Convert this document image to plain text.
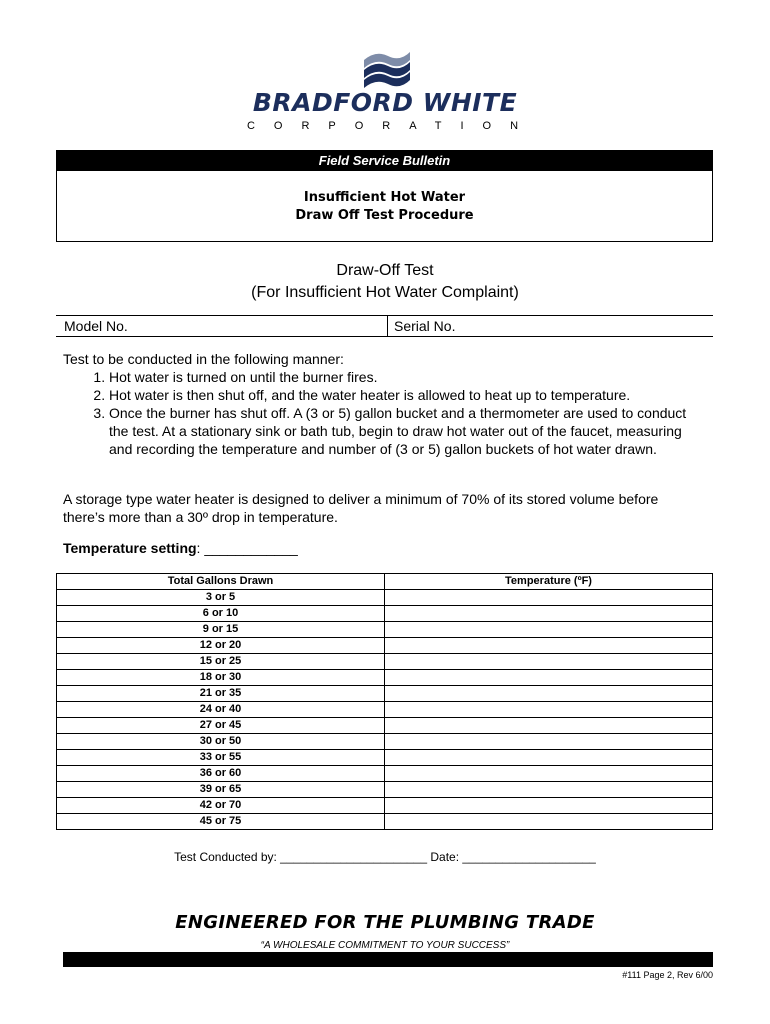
BRADFORD WHITE
CORPORATION
Field Service Bulletin
Insufficient Hot Water
Draw Off Test Procedure
Draw-Off Test
(For Insufficient Hot Water Complaint)
Model No.	Serial No.
Test to be conducted in the following manner:
1. Hot water is turned on until the burner fires.
2. Hot water is then shut off, and the water heater is allowed to heat up to temperature.
3. Once the burner has shut off. A (3 or 5) gallon bucket and a thermometer are used to conduct the test. At a stationary sink or bath tub, begin to draw hot water out of the faucet, measuring and recording the temperature and number of (3 or 5) gallon buckets of hot water drawn.
A storage type water heater is designed to deliver a minimum of 70% of its stored volume before there’s more than a 30º drop in temperature.
Temperature setting: ____________
Total Gallons Drawn	Temperature (ºF)
3 or 5	
6 or 10	
9 or 15	
12 or 20	
15 or 25	
18 or 30	
21 or 35	
24 or 40	
27 or 45	
30 or 50	
33 or 55	
36 or 60	
39 or 65	
42 or 70	
45 or 75	
Test Conducted by: ______________________ Date: ____________________
ENGINEERED FOR THE PLUMBING TRADE
“A WHOLESALE COMMITMENT TO YOUR SUCCESS”
#111 Page 2, Rev 6/00
